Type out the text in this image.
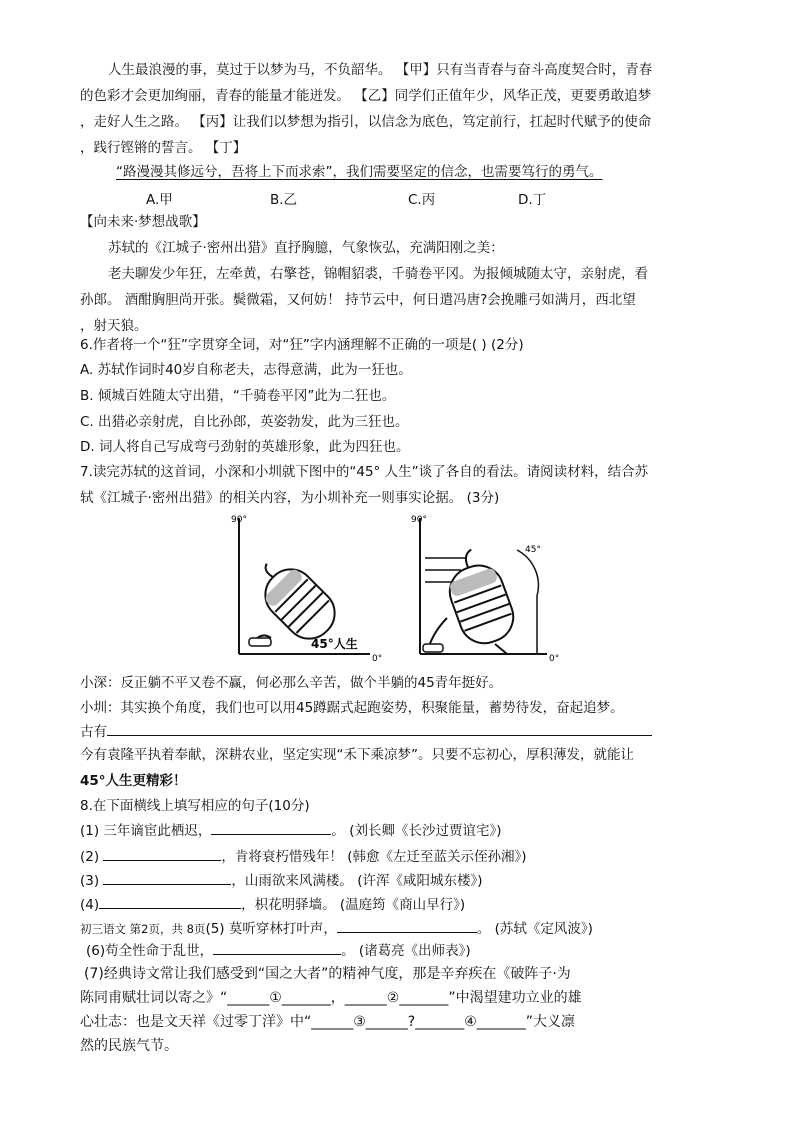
人生最浪漫的事，莫过于以梦为马，不负韶华。 【甲】只有当青春与奋斗高度契合时，青春
的色彩才会更加绚丽，青春的能量才能迸发。 【乙】同学们正值年少，风华正茂，更要勇敢追梦
，走好人生之路。 【丙】让我们以梦想为指引，以信念为底色，笃定前行，扛起时代赋予的使命
，践行铿锵的誓言。 【丁】
“路漫漫其修远兮，吾将上下而求索”，我们需要坚定的信念，也需要笃行的勇气。
A.甲	B.乙	C.丙	D.丁
【向未来·梦想战歌】
苏轼的《江城子·密州出猎》直抒胸臆，气象恢弘，充满阳刚之美：
老夫聊发少年狂，左牵黄，右擎苍，锦帽貂裘，千骑卷平冈。为报倾城随太守，亲射虎，看
孙郎。 酒酣胸胆尚开张。鬓微霜，又何妨！ 持节云中，何日遣冯唐?会挽雕弓如满月，西北望
，射天狼。
6.作者将一个“狂”字贯穿全词，对“狂”字内涵理解不正确的一项是( ) (2分)
A. 苏轼作词时40岁自称老夫，志得意满，此为一狂也。
B. 倾城百姓随太守出猎，“千骑卷平冈”此为二狂也。
C. 出猎必亲射虎，自比孙郎，英姿勃发，此为三狂也。
D. 词人将自己写成弯弓劲射的英雄形象，此为四狂也。
7.读完苏轼的这首词，小深和小圳就下图中的“45° 人生”谈了各自的看法。请阅读材料，结合苏
轼《江城子·密州出猎》的相关内容，为小圳补充一则事实论据。 (3分)
90°
0°
45°人生
90°
0°
45°
小深：反正躺不平又卷不赢，何必那么辛苦，做个半躺的45青年挺好。
小圳：其实换个角度，我们也可以用45蹲踞式起跑姿势，积聚能量，蓄势待发，奋起追梦。
古有
今有袁隆平执着奉献，深耕农业，坚定实现“禾下乘凉梦”。只要不忘初心，厚积薄发，就能让
45°人生更精彩！
8.在下面横线上填写相应的句子(10分)
(1) 三年谪宦此栖迟，	。 (刘长卿《长沙过贾谊宅》)
(2)	，肯将衰朽惜残年！ (韩愈《左迁至蓝关示侄孙湘》)
(3)	，山雨欲来风满楼。 (许浑《咸阳城东楼》)
(4)	，枳花明驿墙。 (温庭筠《商山早行》)
初三语文 第2页，共 8页(5) 莫听穿林打叶声，	。 (苏轼《定风波》)
(6)苟全性命于乱世，	。 (诸葛亮《出师表》)
(7)经典诗文常让我们感受到“国之大者”的精神气度，那是辛弃疾在《破阵子·为
陈同甫赋壮词以寄之》“______①_______，______②_______”中渴望建功立业的雄
心壮志：也是文天祥《过零丁洋》中“______③______?_______④_______”大义凛
然的民族气节。
